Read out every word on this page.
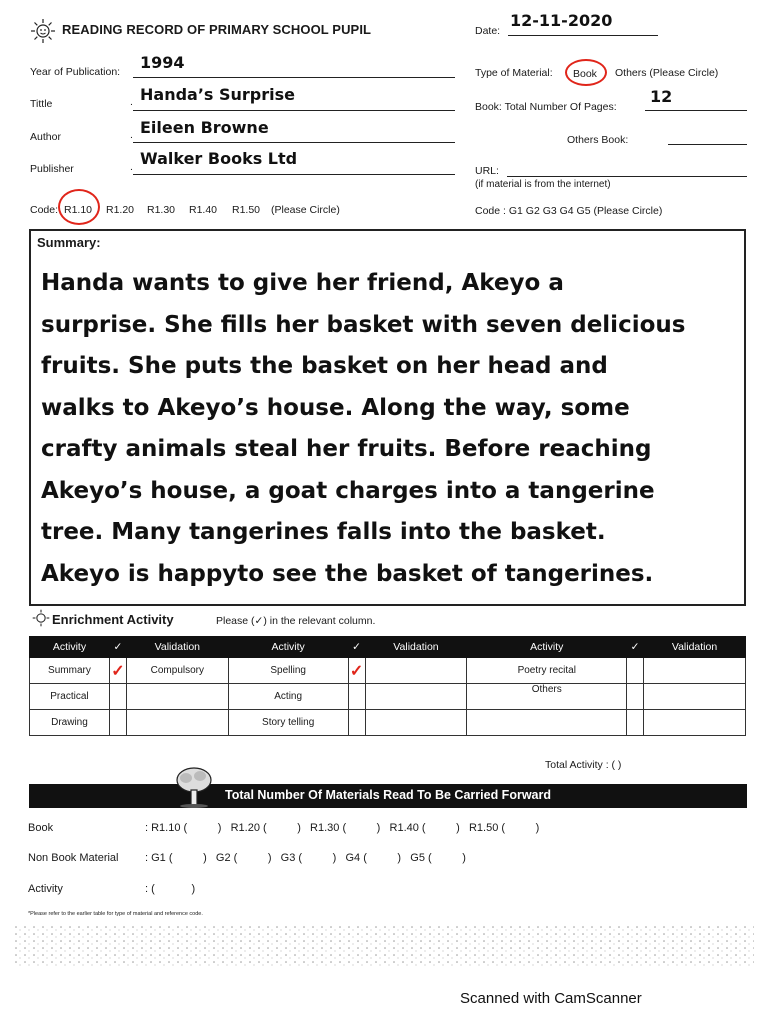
READING RECORD OF PRIMARY SCHOOL PUPIL	Date:
12-11-2020
Year of Publication: 1994
Type of Material: Book Others (Please Circle)
Tittle	. Handa’s Surprise
Book: Total Number Of Pages:
12
Author	. Eileen Browne
Others Book:
Publisher	. Walker Books Ltd
URL:
(if material is from the internet)
Code: R1.10 R1.20 R1.30 R1.40 R1.50 (Please Circle)	Code : G1 G2 G3 G4 G5 (Please Circle)
Summary:
Handa wants to give her friend, Akeyo a
surprise. She fills her basket with seven delicious
fruits. She puts the basket on her head and
walks to Akeyo’s house. Along the way, some
crafty animals steal her fruits. Before reaching
Akeyo’s house, a goat charges into a tangerine
tree. Many tangerines falls into the basket.
Akeyo is happyto see the basket of tangerines.
Enrichment Activity	Please (✓) in the relevant column.
Activity	✓	Validation	Activity	✓	Validation	Activity	✓	Validation
Summary	✓	Compulsory	Spelling	✓		Poetry recital		
Practical			Acting			Others		
Drawing			Story telling					
Total Activity : ( )
Total Number Of Materials Read To Be Carried Forward
Book	: R1.10 (          )   R1.20 (          )   R1.30 (          )   R1.40 (          )   R1.50 (          )
Non Book Material : G1 (          )   G2 (          )   G3 (          )   G4 (          )   G5 (          )
Activity	: (            )
*Please refer to the earlier table for type of material and reference code.
Scanned with CamScanner
